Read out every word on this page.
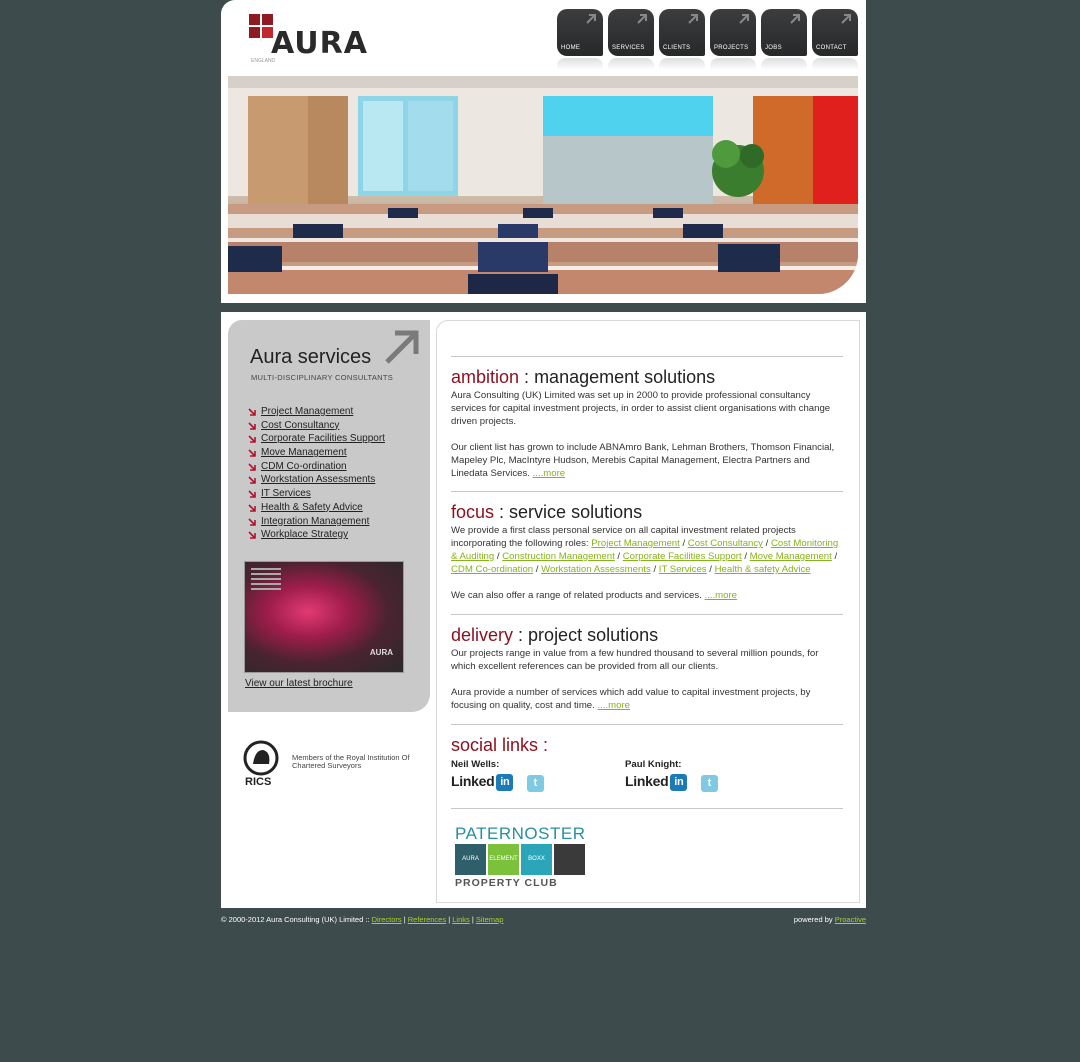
AURA
ENGLAND
HOME	SERVICES	CLIENTS	PROJECTS	JOBS	CONTACT
Aura services
MULTI-DISCIPLINARY CONSULTANTS
Project Management
Cost Consultancy
Corporate Facilities Support
Move Management
CDM Co-ordination
Workstation Assessments
IT Services
Health & Safety Advice
Integration Management
Workplace Strategy
AURA
View our latest brochure
RICS
Members of the Royal Institution Of Chartered Surveyors
ambition : management solutions

Aura Consulting (UK) Limited was set up in 2000 to provide professional consultancy services for capital investment projects, in order to assist client organisations with change driven projects.

Our client list has grown to include ABNAmro Bank, Lehman Brothers, Thomson Financial, Mapeley Plc, MacIntyre Hudson, Merebis Capital Management, Electra Partners and Linedata Services. ....more

focus : service solutions

We provide a first class personal service on all capital investment related projects incorporating the following roles: Project Management / Cost Consultancy / Cost Monitoring & Auditing / Construction Management / Corporate Facilities Support / Move Management / CDM Co-ordination / Workstation Assessments / IT Services / Health & safety Advice

We can also offer a range of related products and services. ....more

delivery : project solutions

Our projects range in value from a few hundred thousand to several million pounds, for which excellent references can be provided from all our clients.

Aura provide a number of services which add value to capital investment projects, by focusing on quality, cost and time. ....more

social links :
Neil Wells:
Linked in	t
Paul Knight:
Linked in	t
PATERNOSTER
AURA	ELEMENT	BOXX
PROPERTY CLUB
© 2000-2012 Aura Consulting (UK) Limited :: Directors | References | Links | Sitemap	powered by Proactive
